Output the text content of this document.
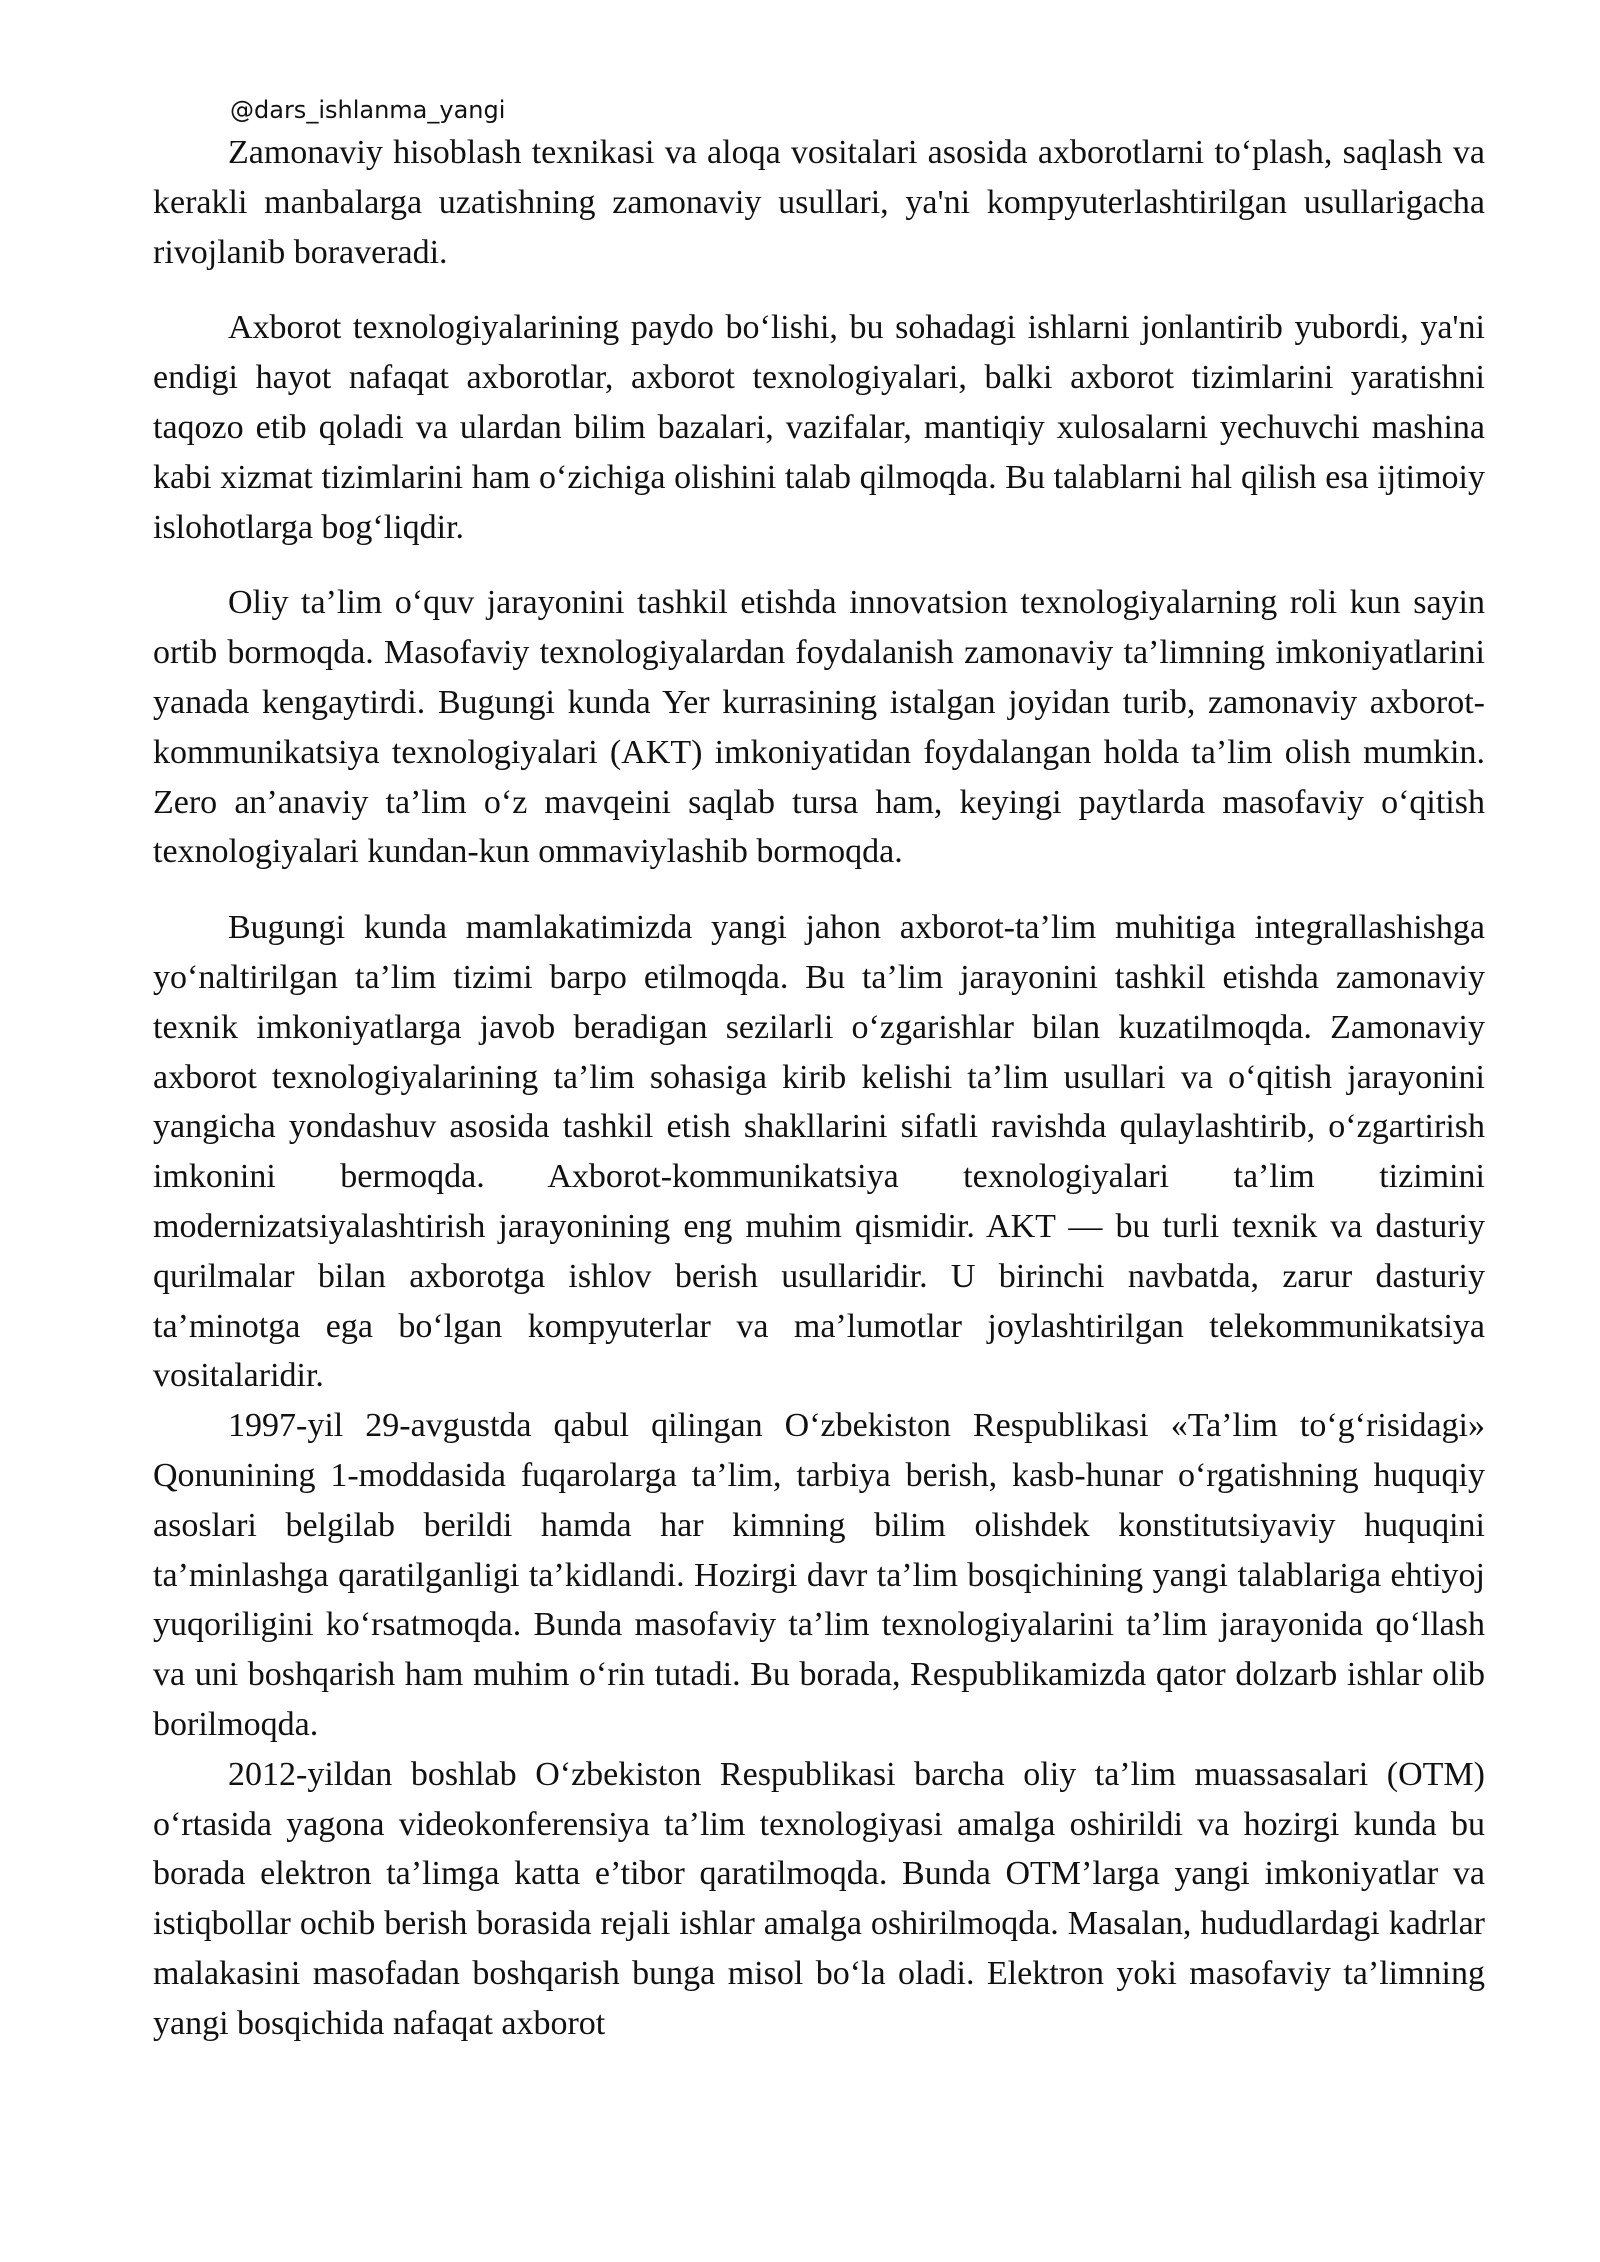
@dars_ishlanma_yangi

Zamonaviy hisoblash texnikasi va aloqa vositalari asosida axborotlarni to‘plash, saqlash va kerakli manbalarga uzatishning zamonaviy usullari, ya'ni kompyuterlashtirilgan usullarigacha rivojlanib boraveradi.

Axborot texnologiyalarining paydo bo‘lishi, bu sohadagi ishlarni jonlantirib yubordi, ya'ni endigi hayot nafaqat axborotlar, axborot texnologiyalari, balki axborot tizimlarini yaratishni taqozo etib qoladi va ulardan bilim bazalari, vazifalar, mantiqiy xulosalarni yechuvchi mashina kabi xizmat tizimlarini ham o‘zichiga olishini talab qilmoqda. Bu talablarni hal qilish esa ijtimoiy islohotlarga bog‘liqdir.

Oliy ta’lim o‘quv jarayonini tashkil etishda innovatsion texnologiyalarning roli kun sayin ortib bormoqda. Masofaviy texnologiyalardan foydalanish zamonaviy ta’limning imkoniyatlarini yanada kengaytirdi. Bugungi kunda Yer kurrasining istalgan joyidan turib, zamonaviy axborot-kommunikatsiya texnologiyalari (AKT) imkoniyatidan foydalangan holda ta’lim olish mumkin. Zero an’anaviy ta’lim o‘z mavqeini saqlab tursa ham, keyingi paytlarda masofaviy o‘qitish texnologiyalari kundan-kun ommaviylashib bormoqda.

Bugungi kunda mamlakatimizda yangi jahon axborot-ta’lim muhitiga integrallashishga yo‘naltirilgan ta’lim tizimi barpo etilmoqda. Bu ta’lim jarayonini tashkil etishda zamonaviy texnik imkoniyatlarga javob beradigan sezilarli o‘zgarishlar bilan kuzatilmoqda. Zamonaviy axborot texnologiyalarining ta’lim sohasiga kirib kelishi ta’lim usullari va o‘qitish jarayonini yangicha yondashuv asosida tashkil etish shakllarini sifatli ravishda qulaylashtirib, o‘zgartirish imkonini bermoqda. Axborot-kommunikatsiya texnologiyalari ta’lim tizimini modernizatsiyalashtirish jarayonining eng muhim qismidir. AKT — bu turli texnik va dasturiy qurilmalar bilan axborotga ishlov berish usullaridir. U birinchi navbatda, zarur dasturiy ta’minotga ega bo‘lgan kompyuterlar va ma’lumotlar joylashtirilgan telekommunikatsiya vositalaridir.

1997-yil 29-avgustda qabul qilingan O‘zbekiston Respublikasi «Ta’lim to‘g‘risidagi» Qonunining 1-moddasida fuqarolarga ta’lim, tarbiya berish, kasb-hunar o‘rgatishning huquqiy asoslari belgilab berildi hamda har kimning bilim olishdek konstitutsiyaviy huquqini ta’minlashga qaratilganligi ta’kidlandi. Hozirgi davr ta’lim bosqichining yangi talablariga ehtiyoj yuqoriligini ko‘rsatmoqda. Bunda masofaviy ta’lim texnologiyalarini ta’lim jarayonida qo‘llash va uni boshqarish ham muhim o‘rin tutadi. Bu borada, Respublikamizda qator dolzarb ishlar olib borilmoqda.

2012-yildan boshlab O‘zbekiston Respublikasi barcha oliy ta’lim muassasalari (OTM) o‘rtasida yagona videokonferensiya ta’lim texnologiyasi amalga oshirildi va hozirgi kunda bu borada elektron ta’limga katta e’tibor qaratilmoqda. Bunda OTM’larga yangi imkoniyatlar va istiqbollar ochib berish borasida rejali ishlar amalga oshirilmoqda. Masalan, hududlardagi kadrlar malakasini masofadan boshqarish bunga misol bo‘la oladi. Elektron yoki masofaviy ta’limning yangi bosqichida nafaqat axborot
